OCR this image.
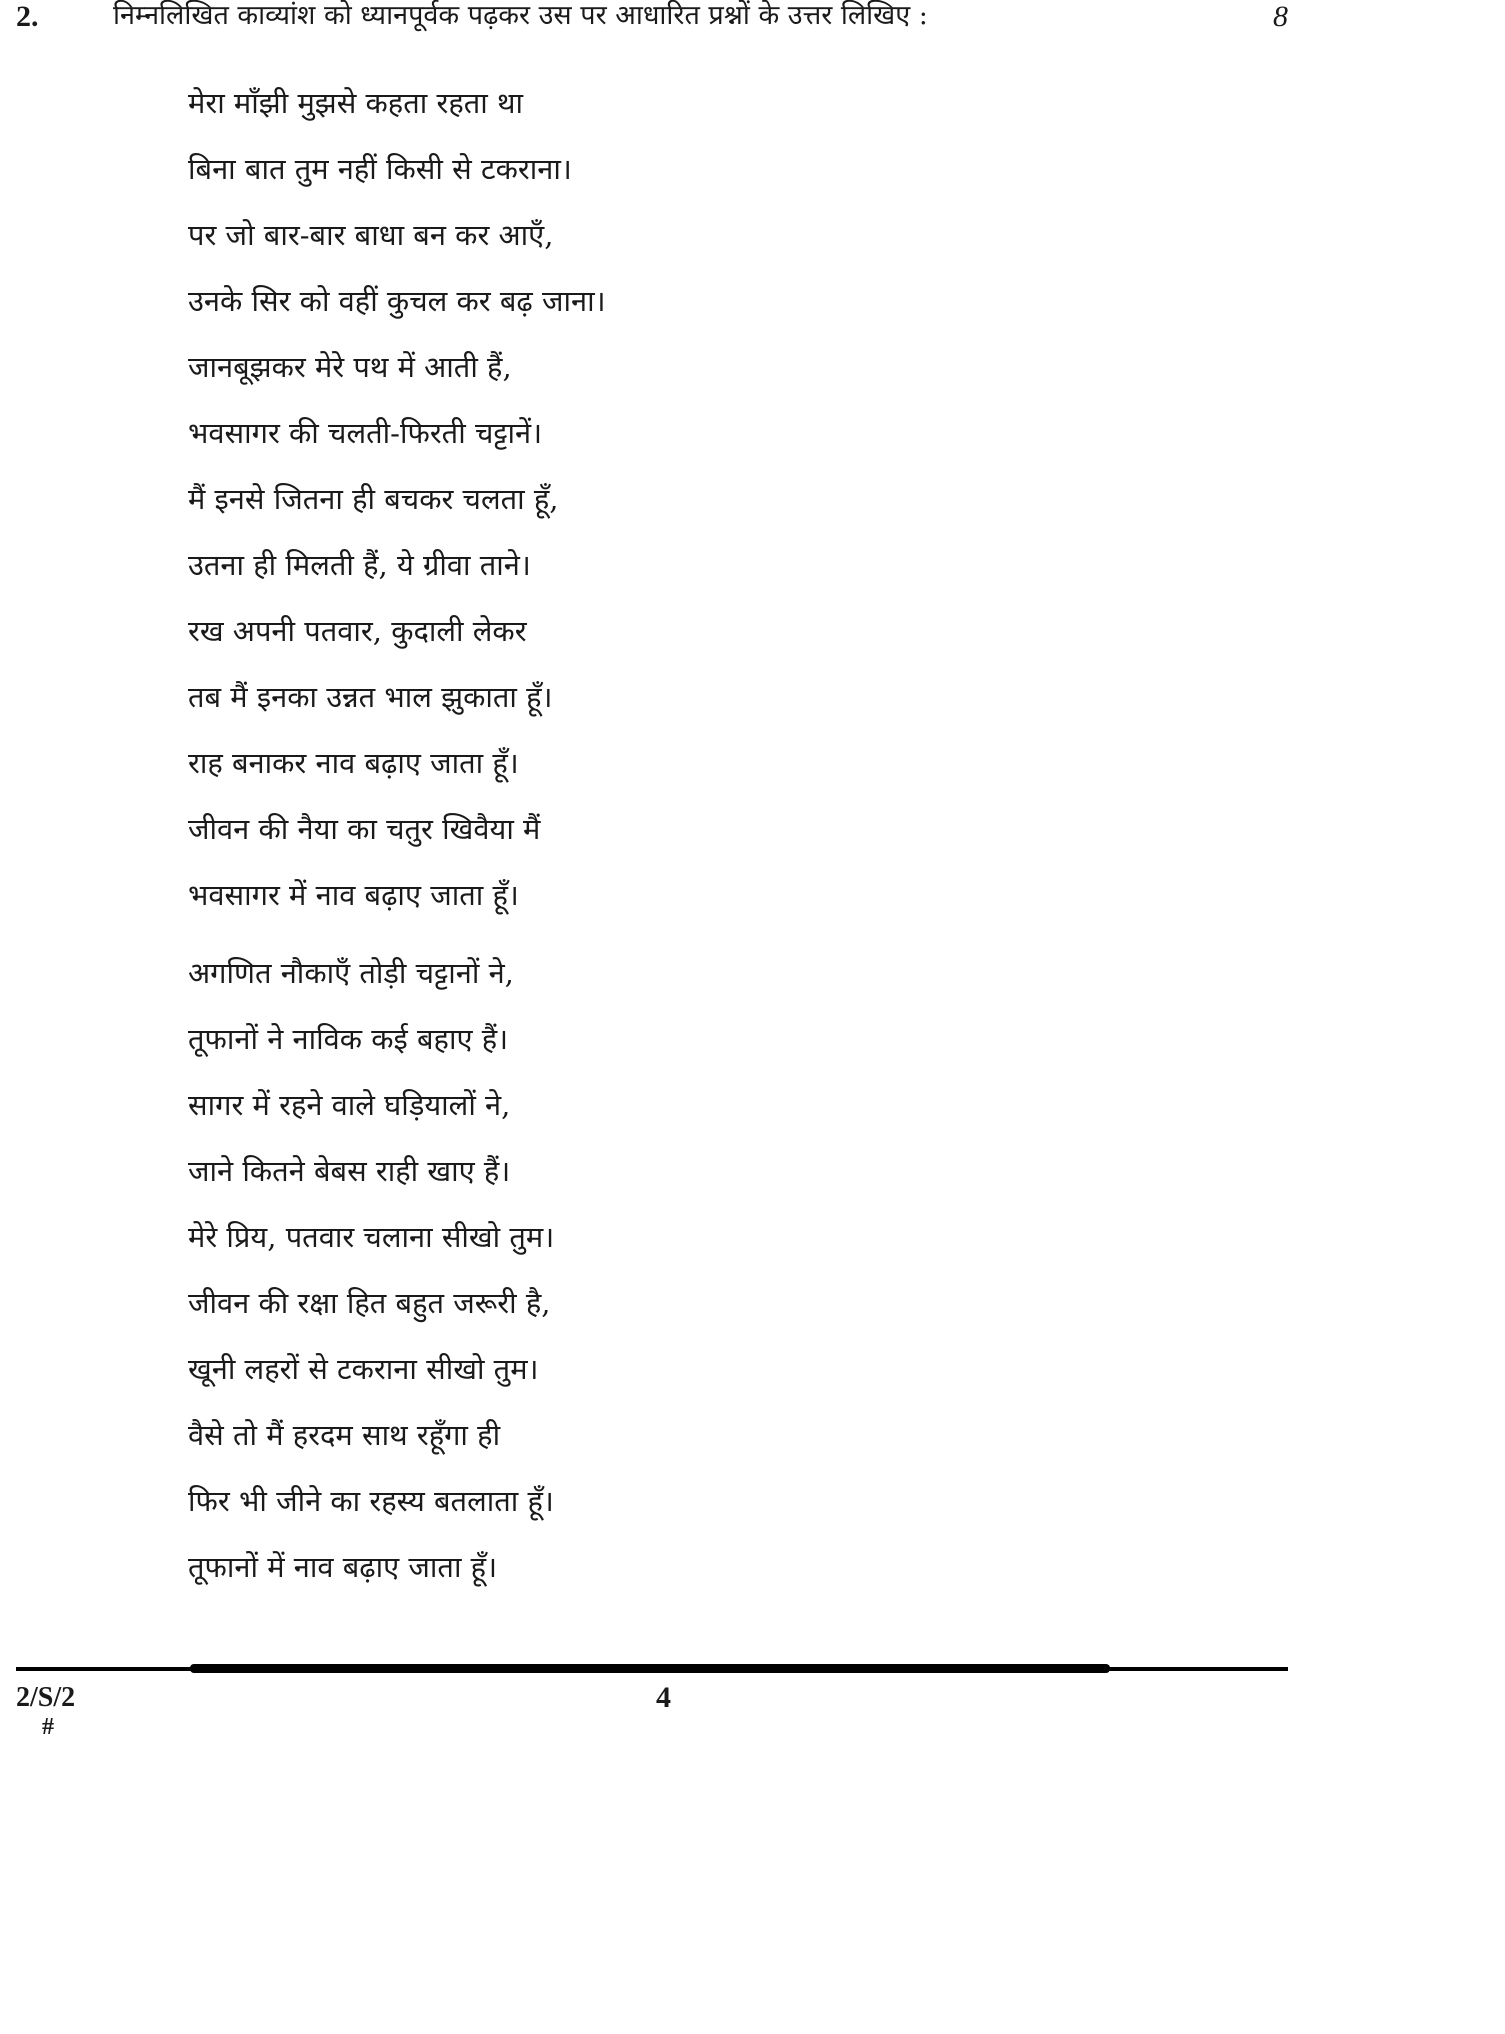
2.	निम्नलिखित काव्यांश को ध्यानपूर्वक पढ़कर उस पर आधारित प्रश्नों के उत्तर लिखिए :	8
मेरा माँझी मुझसे कहता रहता था
बिना बात तुम नहीं किसी से टकराना।
पर जो बार-बार बाधा बन कर आएँ,
उनके सिर को वहीं कुचल कर बढ़ जाना।
जानबूझकर मेरे पथ में आती हैं,
भवसागर की चलती-फिरती चट्टानें।
मैं इनसे जितना ही बचकर चलता हूँ,
उतना ही मिलती हैं, ये ग्रीवा ताने।
रख अपनी पतवार, कुदाली लेकर
तब मैं इनका उन्नत भाल झुकाता हूँ।
राह बनाकर नाव बढ़ाए जाता हूँ।
जीवन की नैया का चतुर खिवैया मैं
भवसागर में नाव बढ़ाए जाता हूँ।
अगणित नौकाएँ तोड़ी चट्टानों ने,
तूफानों ने नाविक कई बहाए हैं।
सागर में रहने वाले घड़ियालों ने,
जाने कितने बेबस राही खाए हैं।
मेरे प्रिय, पतवार चलाना सीखो तुम।
जीवन की रक्षा हित बहुत जरूरी है,
खूनी लहरों से टकराना सीखो तुम।
वैसे तो मैं हरदम साथ रहूँगा ही
फिर भी जीने का रहस्य बतलाता हूँ।
तूफानों में नाव बढ़ाए जाता हूँ।
2/S/2
#
4
